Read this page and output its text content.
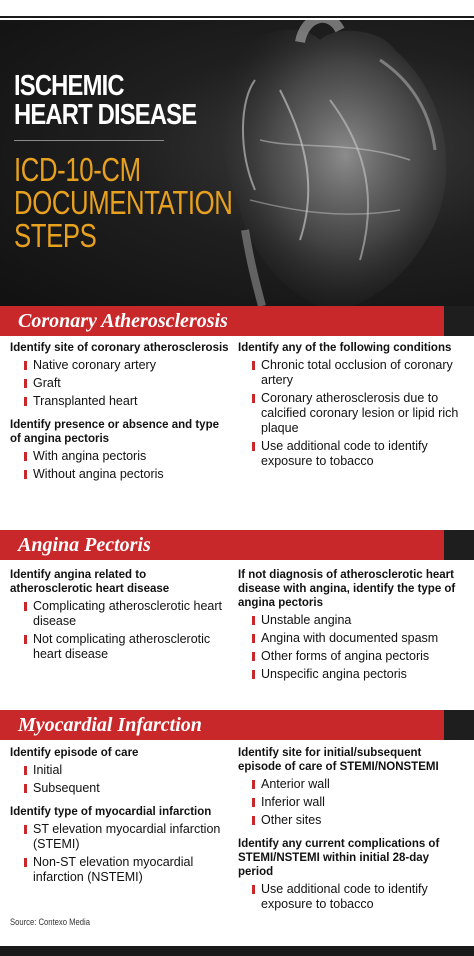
ISCHEMIC
HEART DISEASE
ICD-10-CM
DOCUMENTATION
STEPS
Coronary Atherosclerosis
Identify site of coronary atherosclerosis
Native coronary artery
Graft
Transplanted heart
Identify presence or absence and type of angina pectoris
With angina pectoris
Without angina pectoris
Identify any of the following conditions
Chronic total occlusion of coronary artery
Coronary atherosclerosis due to calcified coronary lesion or lipid rich plaque
Use additional code to identify exposure to tobacco
Angina Pectoris
Identify angina related to atherosclerotic heart disease
Complicating atherosclerotic heart disease
Not complicating atherosclerotic heart disease
If not diagnosis of atherosclerotic heart disease with angina, identify the type of angina pectoris
Unstable angina
Angina with documented spasm
Other forms of angina pectoris
Unspecific angina pectoris
Myocardial Infarction
Identify episode of care
Initial
Subsequent
Identify type of myocardial infarction
ST elevation myocardial infarction (STEMI)
Non-ST elevation myocardial infarction (NSTEMI)
Identify site for initial/subsequent episode of care of STEMI/NONSTEMI
Anterior wall
Inferior wall
Other sites
Identify any current complications of STEMI/NSTEMI within initial 28-day period
Use additional code to identify exposure to tobacco
Source: Contexo Media
